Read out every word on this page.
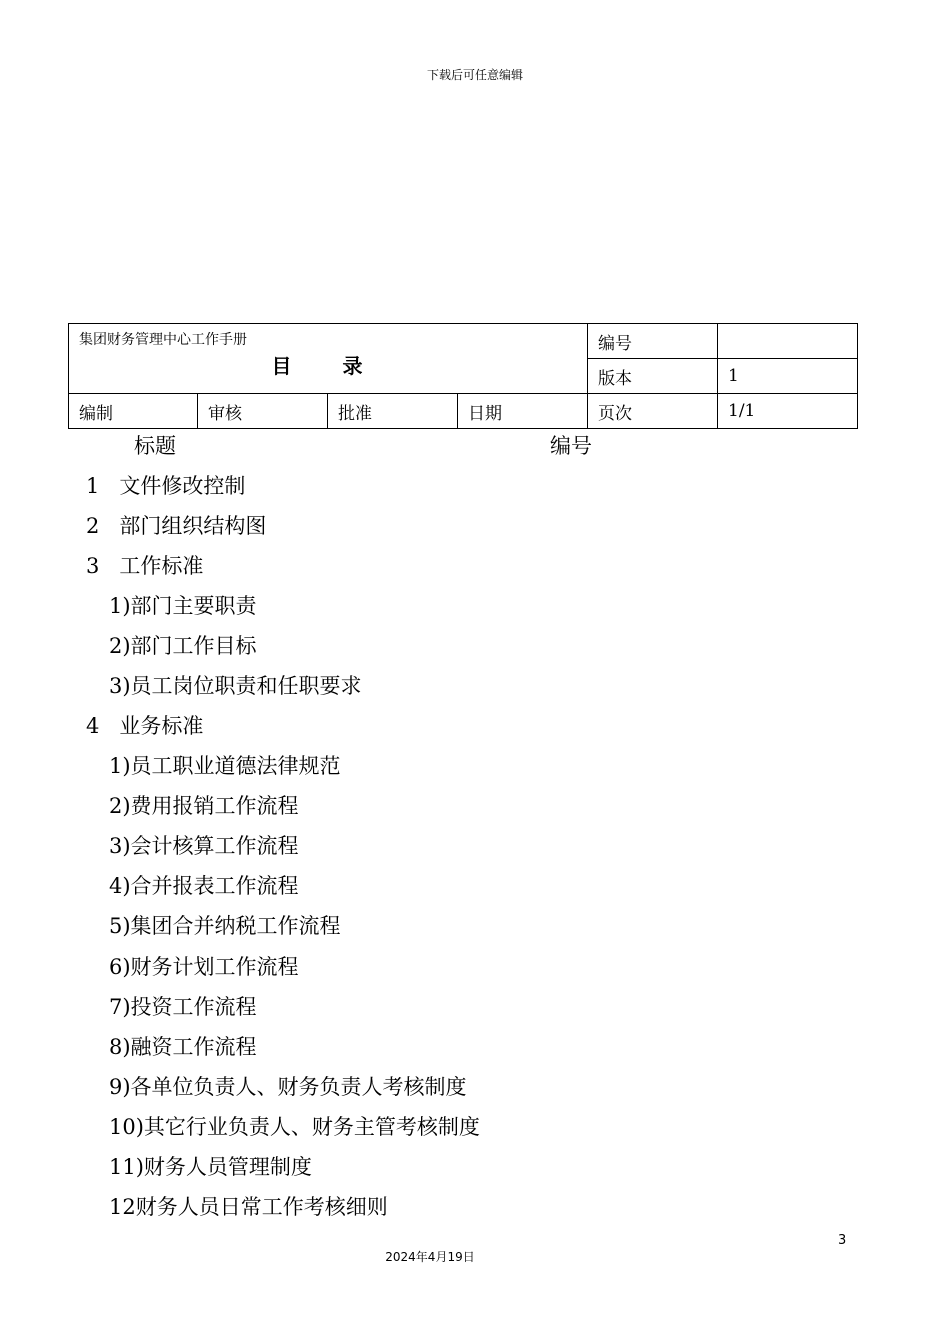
下载后可任意编辑
集团财务管理中心工作手册
目 录				编号	
				版本	1
编制	审核	批准	日期	页次	1/1
标题	编号
1   文件修改控制
2   部门组织结构图
3   工作标准
1)部门主要职责
2)部门工作目标
3)员工岗位职责和任职要求
4   业务标准
1)员工职业道德法律规范
2)费用报销工作流程
3)会计核算工作流程
4)合并报表工作流程
5)集团合并纳税工作流程
6)财务计划工作流程
7)投资工作流程
8)融资工作流程
9)各单位负责人、财务负责人考核制度
10)其它行业负责人、财务主管考核制度
11)财务人员管理制度
12财务人员日常工作考核细则
3
2024年4月19日
